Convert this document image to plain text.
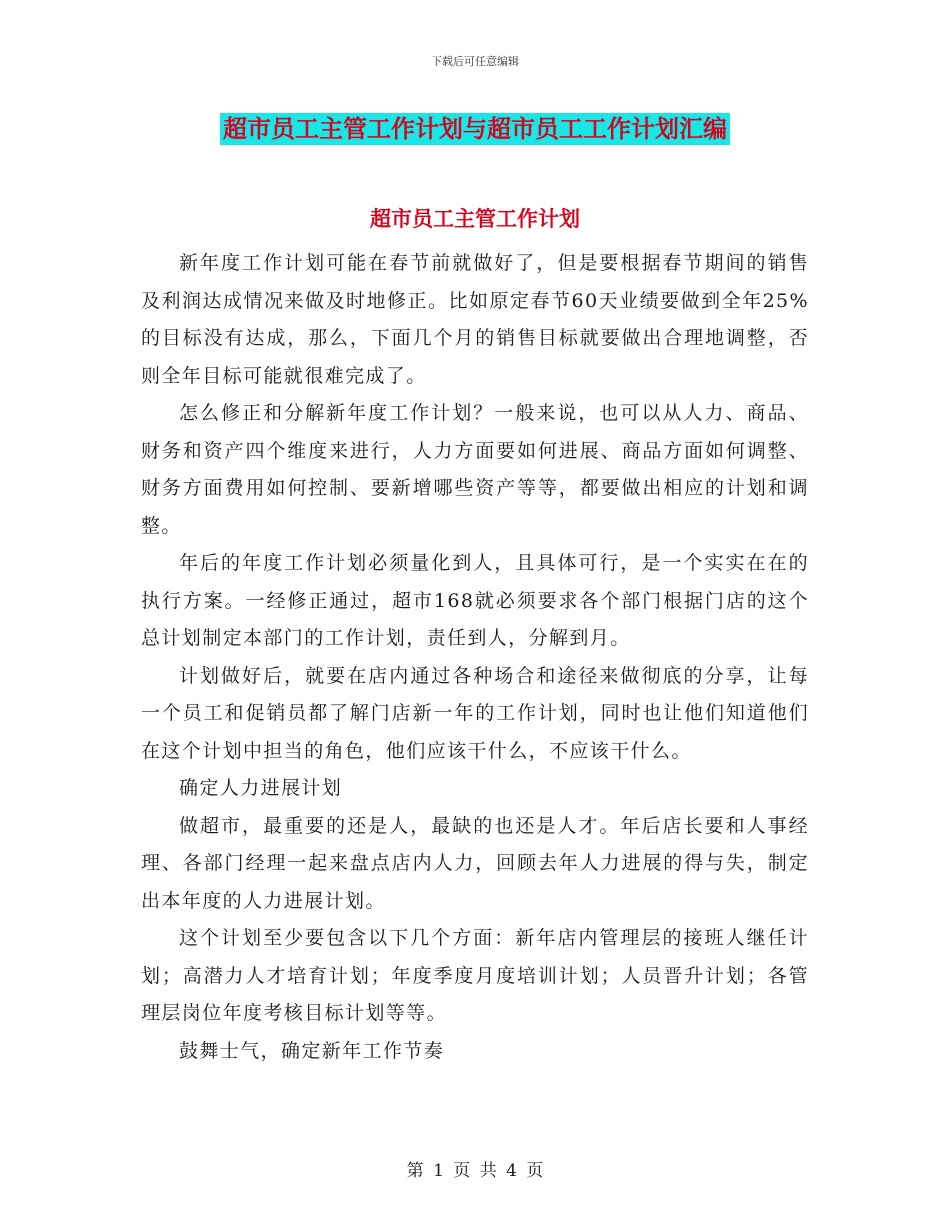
下载后可任意编辑
超市员工主管工作计划与超市员工工作计划汇编
超市员工主管工作计划

新年度工作计划可能在春节前就做好了，但是要根据春节期间的销售及利润达成情况来做及时地修正。比如原定春节60天业绩要做到全年25%的目标没有达成，那么，下面几个月的销售目标就要做出合理地调整，否则全年目标可能就很难完成了。

怎么修正和分解新年度工作计划？一般来说，也可以从人力、商品、财务和资产四个维度来进行，人力方面要如何进展、商品方面如何调整、财务方面费用如何控制、要新增哪些资产等等，都要做出相应的计划和调整。

年后的年度工作计划必须量化到人，且具体可行，是一个实实在在的执行方案。一经修正通过，超市168就必须要求各个部门根据门店的这个总计划制定本部门的工作计划，责任到人，分解到月。

计划做好后，就要在店内通过各种场合和途径来做彻底的分享，让每一个员工和促销员都了解门店新一年的工作计划，同时也让他们知道他们在这个计划中担当的角色，他们应该干什么，不应该干什么。

确定人力进展计划

做超市，最重要的还是人，最缺的也还是人才。年后店长要和人事经理、各部门经理一起来盘点店内人力，回顾去年人力进展的得与失，制定出本年度的人力进展计划。

这个计划至少要包含以下几个方面：新年店内管理层的接班人继任计划；高潜力人才培育计划；年度季度月度培训计划；人员晋升计划；各管理层岗位年度考核目标计划等等。

鼓舞士气，确定新年工作节奏

第 1 页 共 4 页
